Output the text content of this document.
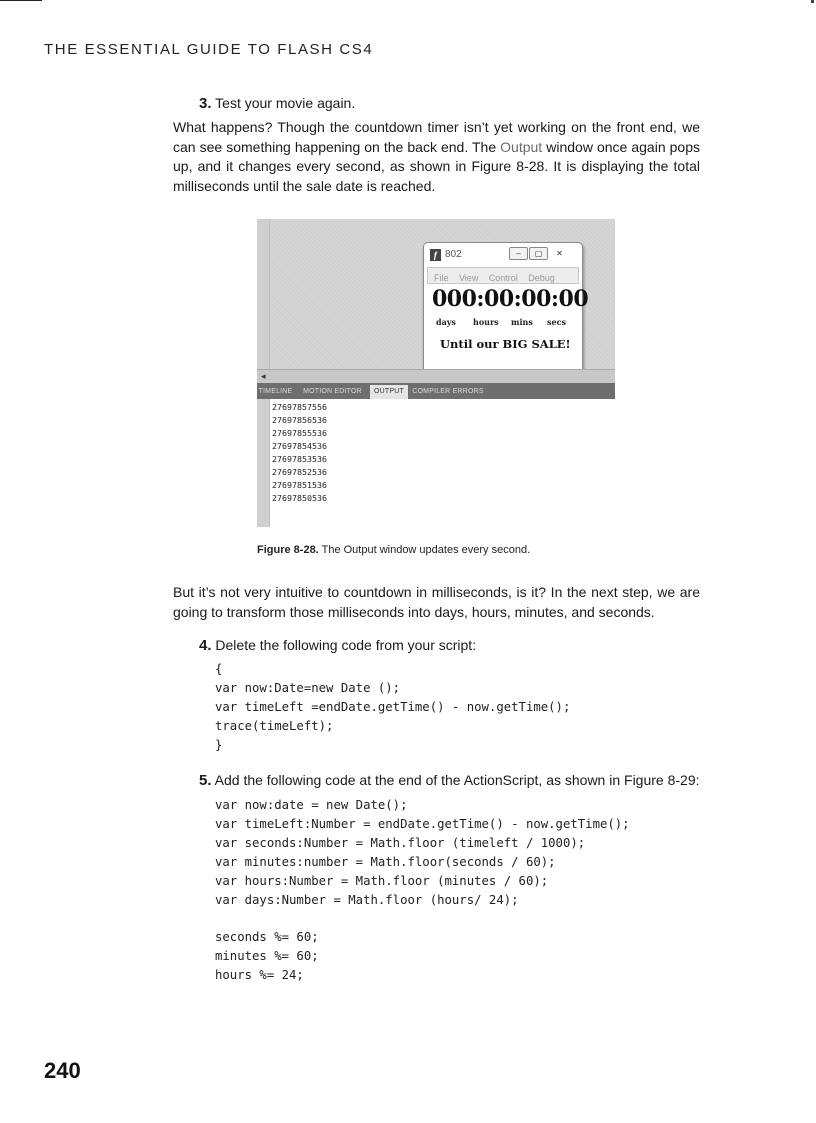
THE ESSENTIAL GUIDE TO FLASH CS4
3. Test your movie again.

What happens? Though the countdown timer isn’t yet working on the front end, we can see something happening on the back end. The Output window once again pops up, and it changes every second, as shown in Figure 8-28. It is displaying the total milliseconds until the sale date is reached.

ƒ 802	–	▢	✕
File View Control Debug
000:00:00:00
days hours mins secs
Until our BIG SALE!
◂
TIMELINE	MOTION EDITOR	OUTPUT	COMPILER ERRORS
27697857556
27697856536
27697855536
27697854536
27697853536
27697852536
27697851536
27697850536
Figure 8-28. The Output window updates every second.

But it’s not very intuitive to countdown in milliseconds, is it? In the next step, we are going to transform those milliseconds into days, hours, minutes, and seconds.

4. Delete the following code from your script:
{
var now:Date=new Date ();
var timeLeft =endDate.getTime() - now.getTime();
trace(timeLeft);
}
5. Add the following code at the end of the ActionScript, as shown in Figure 8-29:
var now:date = new Date();
var timeLeft:Number = endDate.getTime() - now.getTime();
var seconds:Number = Math.floor (timeleft / 1000);
var minutes:number = Math.floor(seconds / 60);
var hours:Number = Math.floor (minutes / 60);
var days:Number = Math.floor (hours/ 24);

seconds %= 60;
minutes %= 60;
hours %= 24;
240
